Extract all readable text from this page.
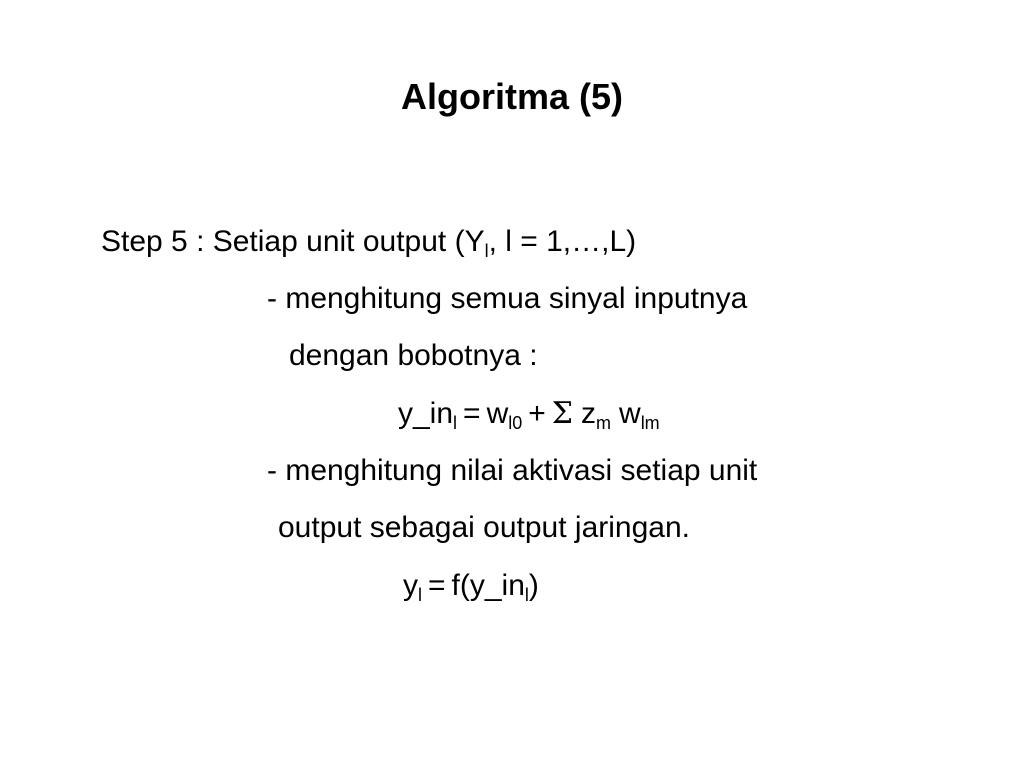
Algoritma (5)
Step 5 : Setiap unit output ($Y_l$, l = 1,…,L)
- menghitung semua sinyal inputnya
dengan bobotnya :
$y\_in_l = w_{l0} + \Sigma$ $z_m$ $w_{lm}$
- menghitung nilai aktivasi setiap unit
output sebagai output jaringan.
$y_l$ = $f(y\_in_l)$
